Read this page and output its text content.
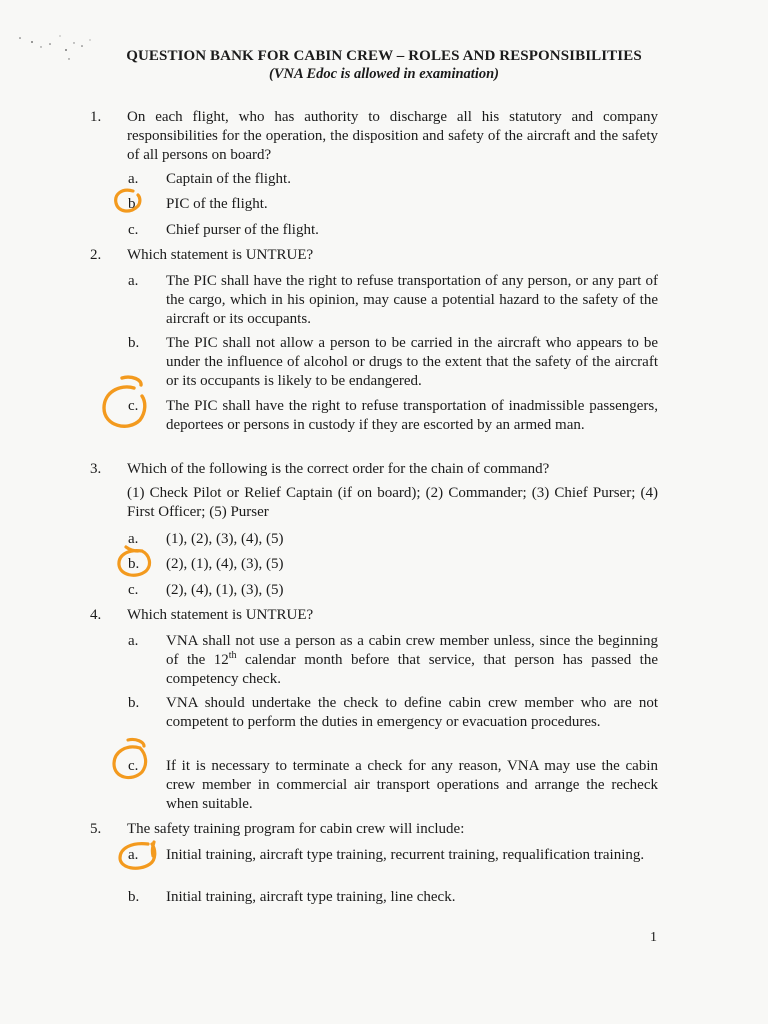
QUESTION BANK FOR CABIN CREW – ROLES AND RESPONSIBILITIES
(VNA Edoc is allowed in examination)
1. On each flight, who has authority to discharge all his statutory and company responsibilities for the operation, the disposition and safety of the aircraft and the safety of all persons on board?
a. Captain of the flight.
b. PIC of the flight.
c. Chief purser of the flight.
2. Which statement is UNTRUE?
a. The PIC shall have the right to refuse transportation of any person, or any part of the cargo, which in his opinion, may cause a potential hazard to the safety of the aircraft or its occupants.
b. The PIC shall not allow a person to be carried in the aircraft who appears to be under the influence of alcohol or drugs to the extent that the safety of the aircraft or its occupants is likely to be endangered.
c. The PIC shall have the right to refuse transportation of inadmissible passengers, deportees or persons in custody if they are escorted by an armed man.
3. Which of the following is the correct order for the chain of command?
(1) Check Pilot or Relief Captain (if on board); (2) Commander; (3) Chief Purser; (4) First Officer; (5) Purser
a. (1), (2), (3), (4), (5)
b. (2), (1), (4), (3), (5)
c. (2), (4), (1), (3), (5)
4. Which statement is UNTRUE?
a. VNA shall not use a person as a cabin crew member unless, since the beginning of the 12th calendar month before that service, that person has passed the competency check.
b. VNA should undertake the check to define cabin crew member who are not competent to perform the duties in emergency or evacuation procedures.
c. If it is necessary to terminate a check for any reason, VNA may use the cabin crew member in commercial air transport operations and arrange the recheck when suitable.
5. The safety training program for cabin crew will include:
a. Initial training, aircraft type training, recurrent training, requalification training.
b. Initial training, aircraft type training, line check.
1
